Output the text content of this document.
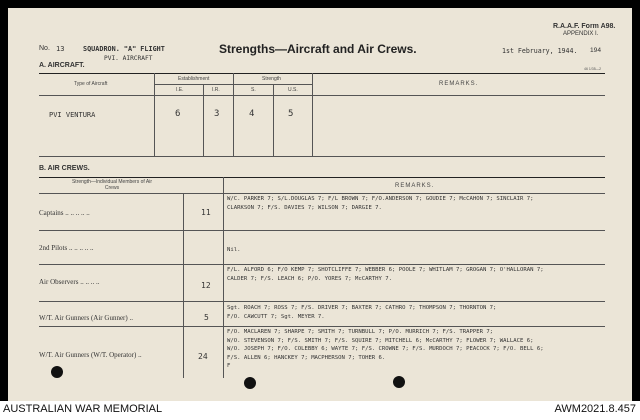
R.A.A.F. Form A98.
APPENDIX I.
No. 13	SQUADRON. "A" FLIGHT
PVI. AIRCRAFT
Strengths—Aircraft and Air Crews.	1st February, 1944. 194
46 1/35—2
A. AIRCRAFT.
Type of Aircraft
Establishment	Strength
I.E.	I.R.	S.	U.S.
REMARKS.
PVI VENTURA	6	3	4	5
B. AIR CREWS.
Strength—Individual Members of Air Crews	REMARKS.
Captains .. .. .. .. ..	11
W/C. PARKER 7; S/L.DOUGLAS 7; F/L BROWN 7; F/O.ANDERSON 7; GOUDIE 7; McCAHON 7; SINCLAIR 7;
CLARKSON 7; F/S. DAVIES 7; WILSON 7; DARGIE 7.
2nd Pilots .. .. .. .. ..	Nil.
Air Observers .. .. .. ..	12
F/L. ALFORD 6; F/O KEMP 7; SHOTCLIFFE 7; WEBBER 6; POOLE 7; WHITLAM 7; GROGAN 7; O'HALLORAN 7;
CALDER 7; F/S. LEACH 6; P/O. YORES 7; McCARTHY 7.
W/T. Air Gunners (Air Gunner) ..	5
Sgt. ROACH 7; ROSS 7; F/S. DRIVER 7; BAXTER 7; CATHRO 7; THOMPSON 7; THORNTON 7;
F/O. CAWCUTT 7; Sgt. MEYER 7.
W/T. Air Gunners (W/T. Operator) ..	24
F/O. MACLAREN 7; SHARPE 7; SMITH 7; TURNBULL 7; P/O. MURRICH 7; F/S. TRAPPER 7;
W/O. STEVENSON 7; F/S. SMITH 7; F/S. SQUIRE 7; MITCHELL 6; McCARTHY 7; FLOWER 7; WALLACE 6;
W/O. JOSEPH 7; F/O. COLEBBY 6; WAYTE 7; F/S. CROWNE 7; F/S. MURDOCH 7; PEACOCK 7; F/O. BELL 6;
F/S. ALLEN 6; HANCKEY 7; MACPHERSON 7; TOHER 6.
F
AUSTRALIAN WAR MEMORIAL	AWM2021.8.457
